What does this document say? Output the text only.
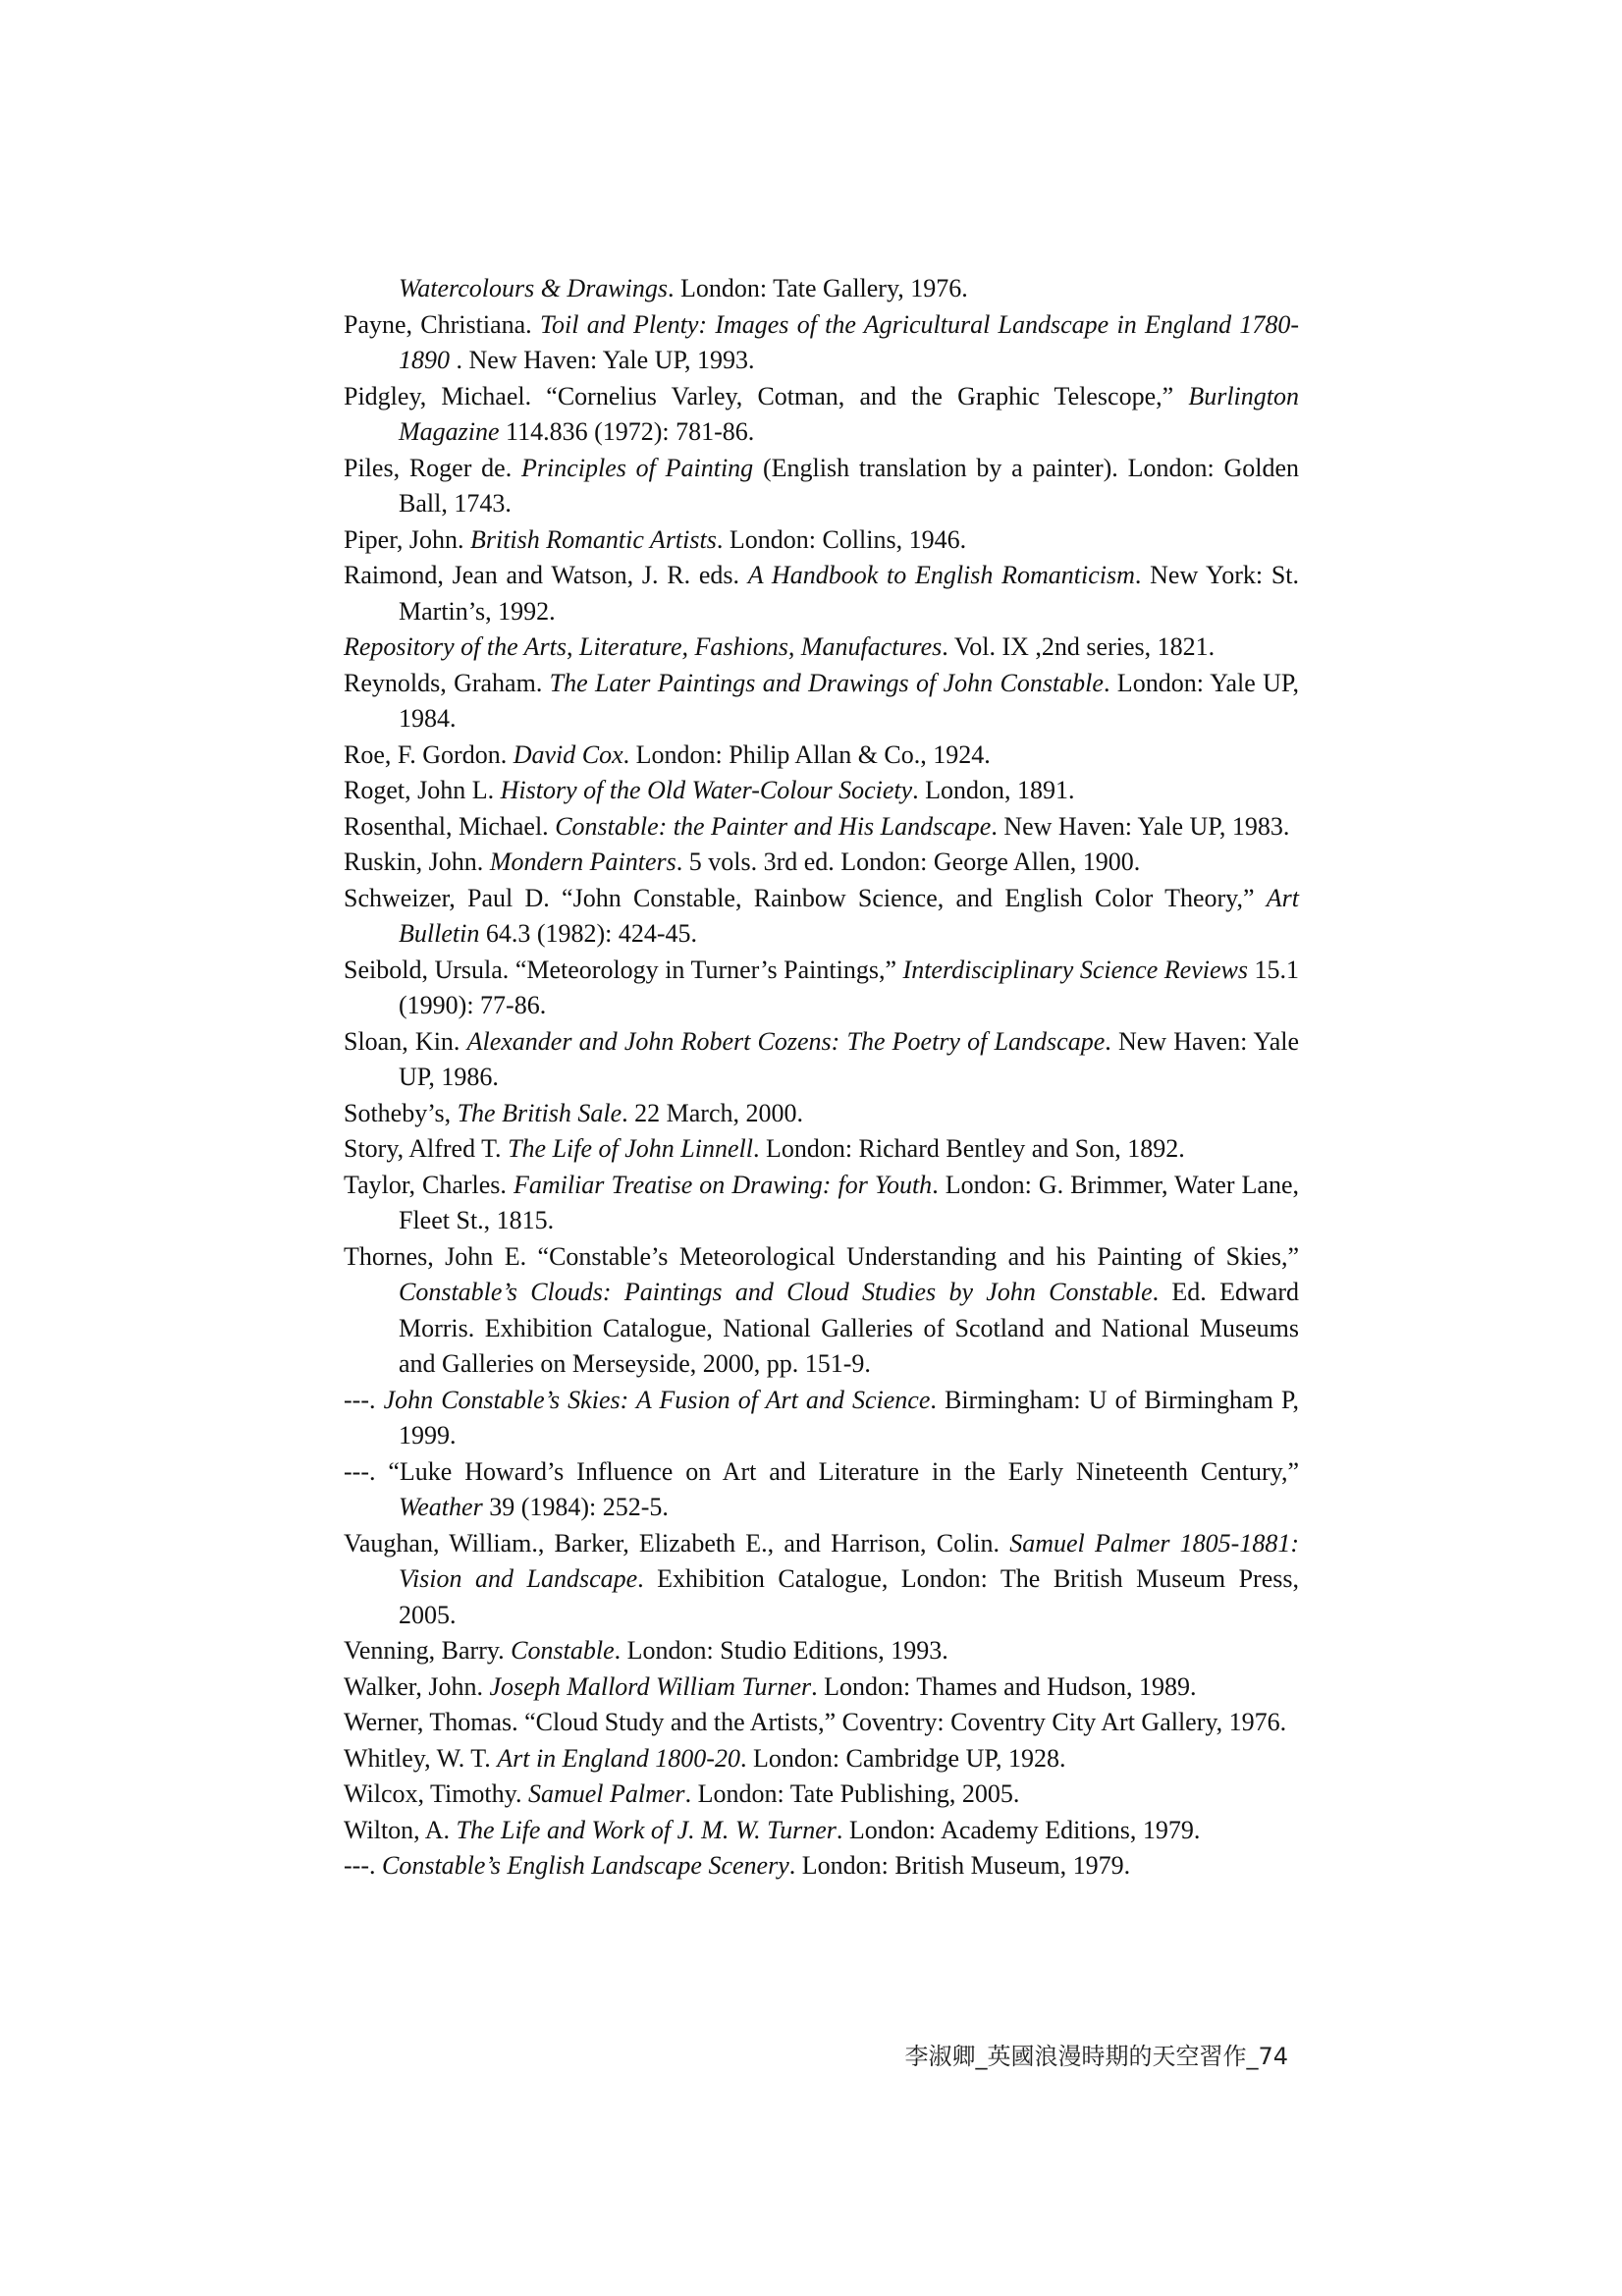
Watercolours & Drawings. London: Tate Gallery, 1976.

Payne, Christiana. Toil and Plenty: Images of the Agricultural Landscape in England 1780-1890 . New Haven: Yale UP, 1993.

Pidgley, Michael. “Cornelius Varley, Cotman, and the Graphic Telescope,” Burlington Magazine 114.836 (1972): 781-86.

Piles, Roger de. Principles of Painting (English translation by a painter). London: Golden Ball, 1743.

Piper, John. British Romantic Artists. London: Collins, 1946.

Raimond, Jean and Watson, J. R. eds. A Handbook to English Romanticism. New York: St. Martin’s, 1992.

Repository of the Arts, Literature, Fashions, Manufactures. Vol. IX ,2nd series, 1821.

Reynolds, Graham. The Later Paintings and Drawings of John Constable. London: Yale UP, 1984.

Roe, F. Gordon. David Cox. London: Philip Allan & Co., 1924.

Roget, John L. History of the Old Water-Colour Society. London, 1891.

Rosenthal, Michael. Constable: the Painter and His Landscape. New Haven: Yale UP, 1983.

Ruskin, John. Mondern Painters. 5 vols. 3rd ed. London: George Allen, 1900.

Schweizer, Paul D. “John Constable, Rainbow Science, and English Color Theory,” Art Bulletin 64.3 (1982): 424-45.

Seibold, Ursula. “Meteorology in Turner’s Paintings,” Interdisciplinary Science Reviews 15.1 (1990): 77-86.

Sloan, Kin. Alexander and John Robert Cozens: The Poetry of Landscape. New Haven: Yale UP, 1986.

Sotheby’s, The British Sale. 22 March, 2000.

Story, Alfred T. The Life of John Linnell. London: Richard Bentley and Son, 1892.

Taylor, Charles. Familiar Treatise on Drawing: for Youth. London: G. Brimmer, Water Lane, Fleet St., 1815.

Thornes, John E. “Constable’s Meteorological Understanding and his Painting of Skies,” Constable’s Clouds: Paintings and Cloud Studies by John Constable. Ed. Edward Morris. Exhibition Catalogue, National Galleries of Scotland and National Museums and Galleries on Merseyside, 2000, pp. 151-9.

---. John Constable’s Skies: A Fusion of Art and Science. Birmingham: U of Birmingham P, 1999.

---. “Luke Howard’s Influence on Art and Literature in the Early Nineteenth Century,” Weather 39 (1984): 252-5.

Vaughan, William., Barker, Elizabeth E., and Harrison, Colin. Samuel Palmer 1805-1881: Vision and Landscape. Exhibition Catalogue, London: The British Museum Press, 2005.

Venning, Barry. Constable. London: Studio Editions, 1993.

Walker, John. Joseph Mallord William Turner. London: Thames and Hudson, 1989.

Werner, Thomas. “Cloud Study and the Artists,” Coventry: Coventry City Art Gallery, 1976.

Whitley, W. T. Art in England 1800-20. London: Cambridge UP, 1928.

Wilcox, Timothy. Samuel Palmer. London: Tate Publishing, 2005.

Wilton, A. The Life and Work of J. M. W. Turner. London: Academy Editions, 1979.

---. Constable’s English Landscape Scenery. London: British Museum, 1979.

李淑卿_英國浪漫時期的天空習作_74
